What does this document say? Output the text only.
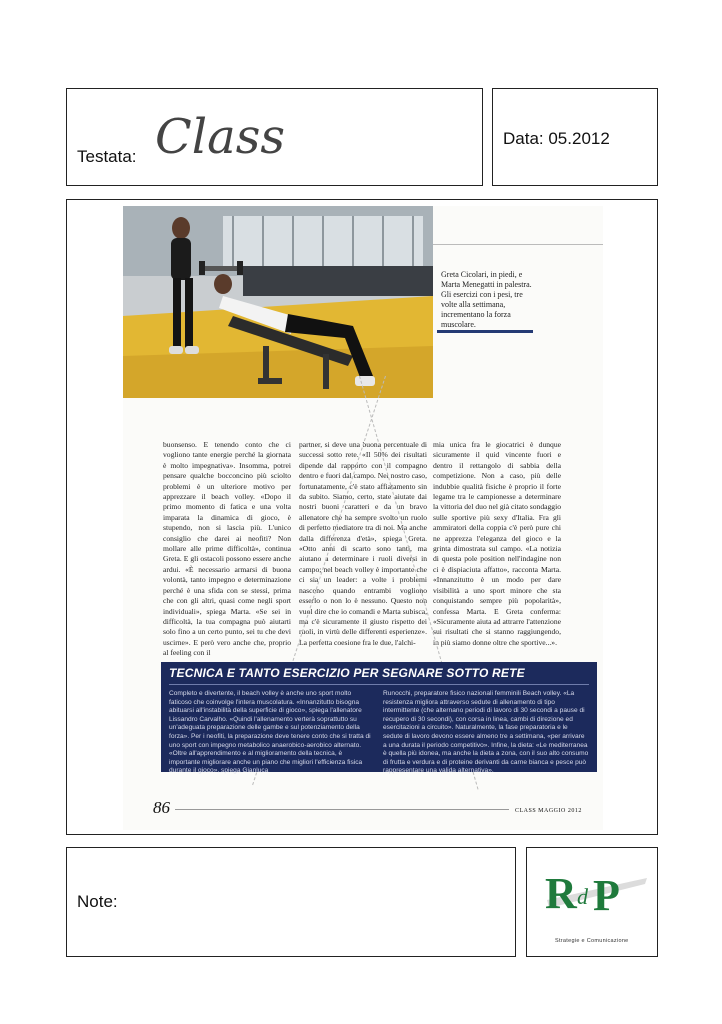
Testata: Class	Data: 05.2012
Greta Cicolari, in piedi, e Marta Menegatti in palestra. Gli esercizi con i pesi, tre volte alla settimana, incrementano la forza muscolare.
buonsenso. E tenendo conto che ci vogliono tante energie perché la giornata è molto impegnativa». Insomma, potrei pensare qualche bocconcino più sciolto problemi è un ulteriore motivo per apprezzare il beach volley. «Dopo il primo momento di fatica e una volta imparata la dinamica di gioco, è stupendo, non si lascia più. L'unico consiglio che darei ai neofiti? Non mollare alle prime difficoltà», continua Greta. E gli ostacoli possono essere anche ardui. «È necessario armarsi di buona volontà, tanto impegno e determinazione perché è una sfida con se stessi, prima che con gli altri, quasi come negli sport individuali», spiega Marta. «Se sei in difficoltà, la tua compagna può aiutarti solo fino a un certo punto, sei tu che devi uscirne». E però vero anche che, proprio al feeling con il
partner, si deve una buona percentuale di successi sotto rete. «Il 50% dei risultati dipende dal rapporto con il compagno dentro e fuori dal campo. Nel nostro caso, fortunatamente, c'è stato affiatamento sin da subito. Siamo, certo, state aiutate dai nostri buoni caratteri e da un bravo allenatore che ha sempre svolto un ruolo di perfetto mediatore tra di noi. Ma anche dalla differenza d'età», spiega Greta. «Otto anni di scarto sono tanti, ma aiutano a determinare i ruoli diversi in campo; nel beach volley è importante che ci sia un leader: a volte i problemi nascono quando entrambi vogliono esserlo o non lo è nessuno. Questo non vuol dire che io comandi e Marta subisca, ma c'è sicuramente il giusto rispetto dei ruoli, in virtù delle differenti esperienze». La perfetta coesione fra le due, l'alchi-
mia unica fra le giocatrici è dunque sicuramente il quid vincente fuori e dentro il rettangolo di sabbia della competizione. Non a caso, più delle indubbie qualità fisiche è proprio il forte legame tra le campionesse a determinare la vittoria del duo nel già citato sondaggio sulle sportive più sexy d'Italia. Fra gli ammiratori della coppia c'è però pure chi ne apprezza l'eleganza del gioco e la grinta dimostrata sul campo. «La notizia di questa pole position nell'indagine non ci è dispiaciuta affatto», racconta Marta. «Innanzitutto è un modo per dare visibilità a uno sport minore che sta conquistando sempre più popolarità», confessa Marta. E Greta conferma: «Sicuramente aiuta ad attrarre l'attenzione sui risultati che si stanno raggiungendo, in più siamo donne oltre che sportive...».
TECNICA E TANTO ESERCIZIO PER SEGNARE SOTTO RETE
Completo e divertente, il beach volley è anche uno sport molto faticoso che coinvolge l'intera muscolatura. «Innanzitutto bisogna abituarsi all'instabilità della superficie di gioco», spiega l'allenatore Lissandro Carvalho. «Quindi l'allenamento verterà soprattutto su un'adeguata preparazione delle gambe e sul potenziamento della forza». Per i neofiti, la preparazione deve tenere conto che si tratta di uno sport con impegno metabolico anaerobico-aerobico alternato. «Oltre all'apprendimento e al miglioramento della tecnica, è importante migliorare anche un piano che migliori l'efficienza fisica durante il gioco», spiega Gianluca
Runocchi, preparatore fisico nazionali femminili Beach volley. «La resistenza migliora attraverso sedute di allenamento di tipo intermittente (che alternano periodi di lavoro di 30 secondi a pause di recupero di 30 secondi), con corsa in linea, cambi di direzione ed esercitazioni a circuito». Naturalmente, la fase preparatoria e le sedute di lavoro devono essere almeno tre a settimana, «per arrivare a una durata il periodo competitivo». Infine, la dieta: «Le mediterranea è quella più idonea, ma anche la dieta a zona, con il suo alto consumo di frutta e verdura e di proteine derivanti da carne bianca e pesce può rappresentare una valida alternativa».
86	CLASS MAGGIO 2012
Note:	R d P
Strategie e Comunicazione
